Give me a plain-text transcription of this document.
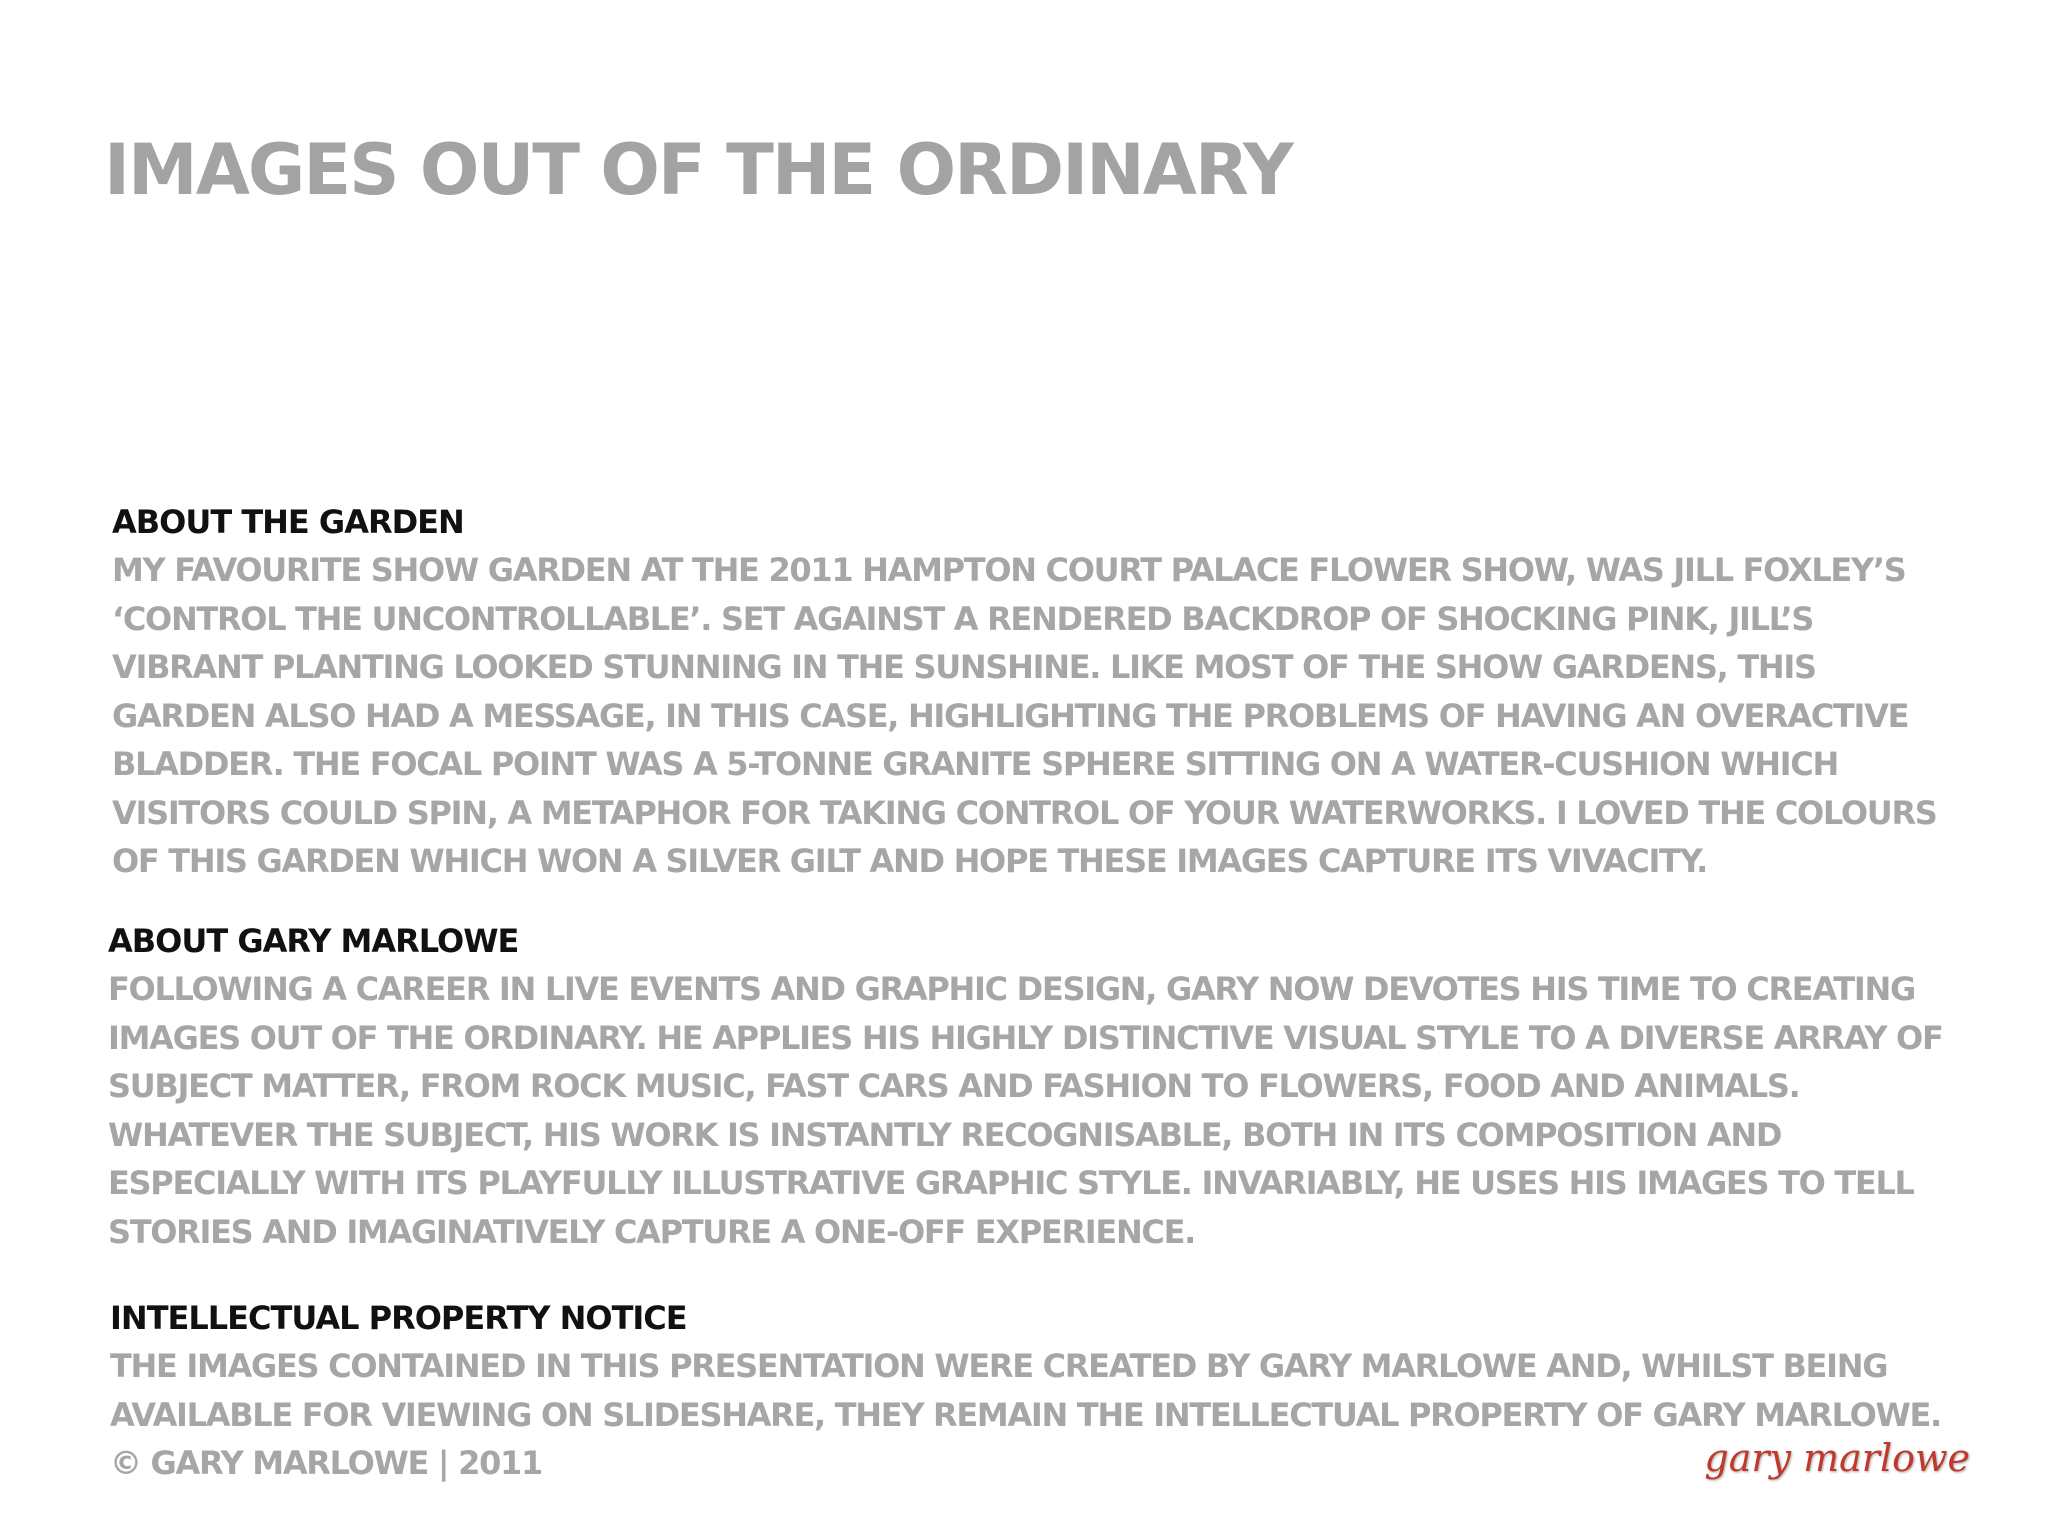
IMAGES OUT OF THE ORDINARY
ABOUT THE GARDEN

MY FAVOURITE SHOW GARDEN AT THE 2011 HAMPTON COURT PALACE FLOWER SHOW, WAS JILL FOXLEY’S

‘CONTROL THE UNCONTROLLABLE’. SET AGAINST A RENDERED BACKDROP OF SHOCKING PINK, JILL’S

VIBRANT PLANTING LOOKED STUNNING IN THE SUNSHINE. LIKE MOST OF THE SHOW GARDENS, THIS

GARDEN ALSO HAD A MESSAGE, IN THIS CASE, HIGHLIGHTING THE PROBLEMS OF HAVING AN OVERACTIVE

BLADDER. THE FOCAL POINT WAS A 5-TONNE GRANITE SPHERE SITTING ON A WATER-CUSHION WHICH

VISITORS COULD SPIN, A METAPHOR FOR TAKING CONTROL OF YOUR WATERWORKS. I LOVED THE COLOURS

OF THIS GARDEN WHICH WON A SILVER GILT AND HOPE THESE IMAGES CAPTURE ITS VIVACITY.

ABOUT GARY MARLOWE

FOLLOWING A CAREER IN LIVE EVENTS AND GRAPHIC DESIGN, GARY NOW DEVOTES HIS TIME TO CREATING

IMAGES OUT OF THE ORDINARY. HE APPLIES HIS HIGHLY DISTINCTIVE VISUAL STYLE TO A DIVERSE ARRAY OF

SUBJECT MATTER, FROM ROCK MUSIC, FAST CARS AND FASHION TO FLOWERS, FOOD AND ANIMALS.

WHATEVER THE SUBJECT, HIS WORK IS INSTANTLY RECOGNISABLE, BOTH IN ITS COMPOSITION AND

ESPECIALLY WITH ITS PLAYFULLY ILLUSTRATIVE GRAPHIC STYLE. INVARIABLY, HE USES HIS IMAGES TO TELL

STORIES AND IMAGINATIVELY CAPTURE A ONE-OFF EXPERIENCE.

INTELLECTUAL PROPERTY NOTICE

THE IMAGES CONTAINED IN THIS PRESENTATION WERE CREATED BY GARY MARLOWE AND, WHILST BEING

AVAILABLE FOR VIEWING ON SLIDESHARE, THEY REMAIN THE INTELLECTUAL PROPERTY OF GARY MARLOWE.

© GARY MARLOWE | 2011	gary marlowe
